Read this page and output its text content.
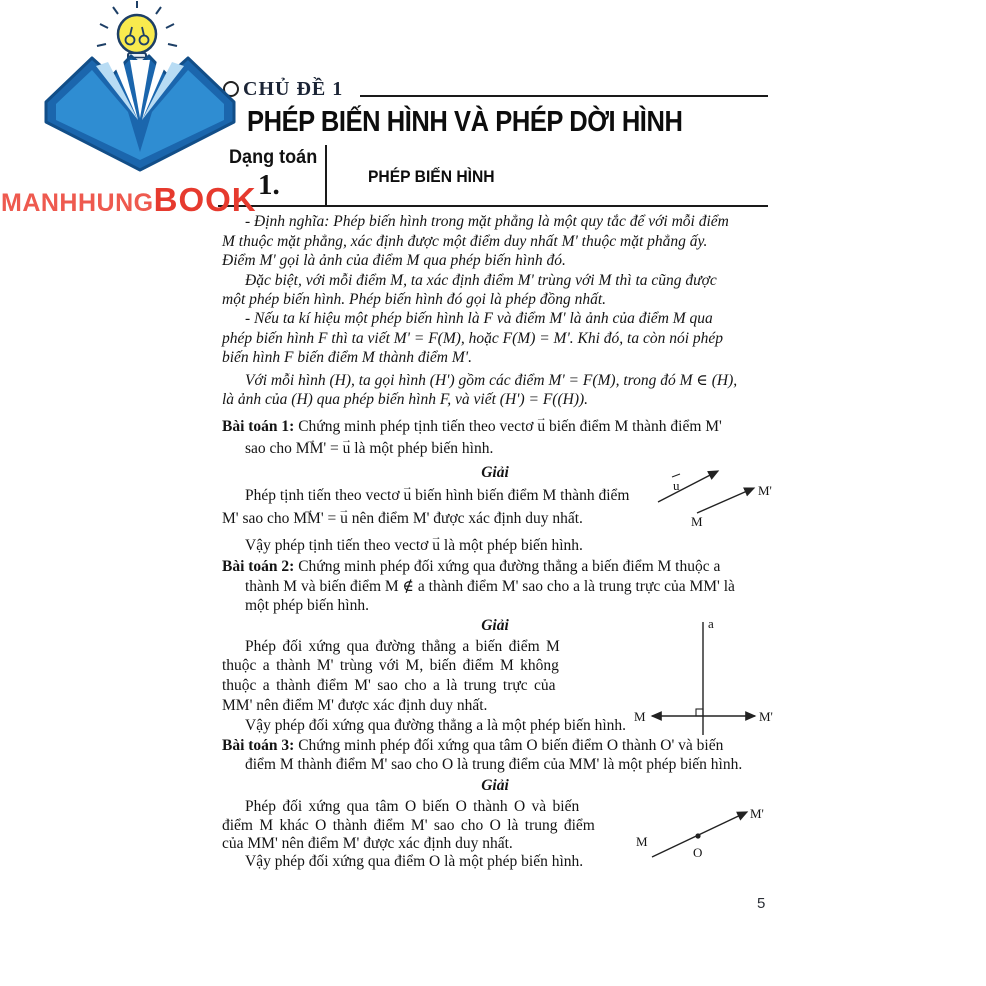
CHỦ ĐỀ 1
PHÉP BIẾN HÌNH VÀ PHÉP DỜI HÌNH
Dạng toán
1.	PHÉP BIẾN HÌNH
- Định nghĩa: Phép biến hình trong mặt phẳng là một quy tắc để với mỗi điểm
M thuộc mặt phẳng, xác định được một điểm duy nhất M' thuộc mặt phẳng ấy.
Điểm M' gọi là ảnh của điểm M qua phép biến hình đó.
Đặc biệt, với mỗi điểm M, ta xác định điểm M' trùng với M thì ta cũng được
một phép biến hình. Phép biến hình đó gọi là phép đồng nhất.
- Nếu ta kí hiệu một phép biến hình là F và điểm M' là ảnh của điểm M qua
phép biến hình F thì ta viết M' = F(M), hoặc F(M) = M'. Khi đó, ta còn nói phép
biến hình F biến điểm M thành điểm M'.
Với mỗi hình (H), ta gọi hình (H') gồm các điểm M' = F(M), trong đó M ∈ (H),
là ảnh của (H) qua phép biến hình F, và viết (H') = F((H)).
Bài toán 1: Chứng minh phép tịnh tiến theo vectơ u → biến điểm M thành điểm M'
sao cho MM' → = u → là một phép biến hình.
Giải
Phép tịnh tiến theo vectơ u → biến hình biến điểm M thành điểm
M' sao cho MM' → = u → nên điểm M' được xác định duy nhất.
Vậy phép tịnh tiến theo vectơ u → là một phép biến hình.
Bài toán 2: Chứng minh phép đối xứng qua đường thẳng a biến điểm M thuộc a
thành M và biến điểm M ∉ a thành điểm M' sao cho a là trung trực của MM' là
một phép biến hình.
Giải
Phép đối xứng qua đường thẳng a biến điểm M
thuộc a thành M' trùng với M, biến điểm M không
thuộc a thành điểm M' sao cho a là trung trực của
MM' nên điểm M' được xác định duy nhất.
Vậy phép đối xứng qua đường thẳng a là một phép biến hình.
Bài toán 3: Chứng minh phép đối xứng qua tâm O biến điểm O thành O' và biến
điểm M thành điểm M' sao cho O là trung điểm của MM' là một phép biến hình.
Giải
Phép đối xứng qua tâm O biến O thành O và biến
điểm M khác O thành điểm M' sao cho O là trung điểm
của MM' nên điểm M' được xác định duy nhất.
Vậy phép đối xứng qua điểm O là một phép biến hình.
u
M
M'
a
M	M'
M
M'
O
MANHHUNGBOOK
5
